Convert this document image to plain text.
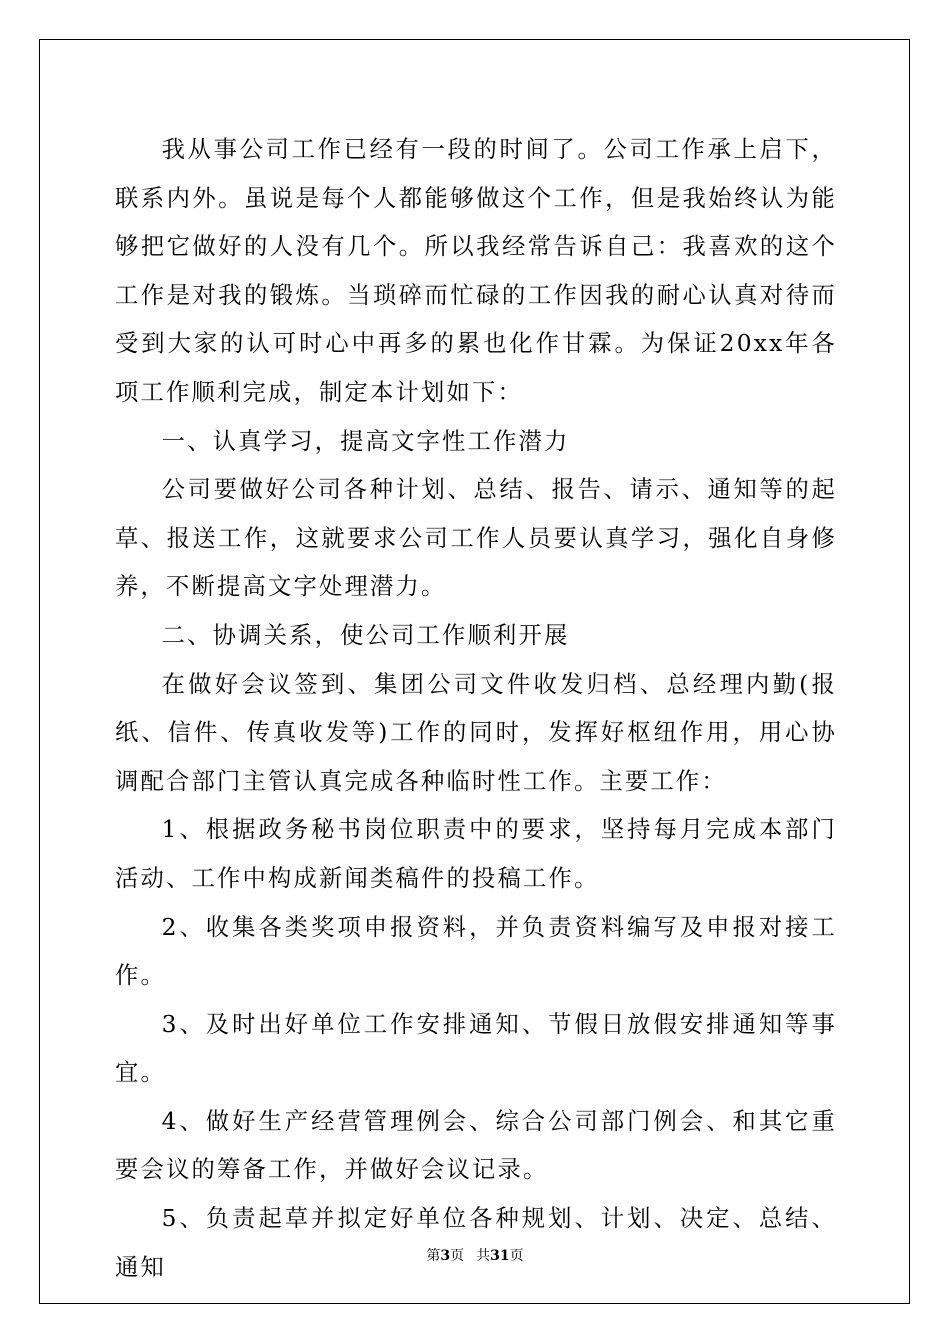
我从事公司工作已经有一段的时间了。公司工作承上启下，联系内外。虽说是每个人都能够做这个工作，但是我始终认为能够把它做好的人没有几个。所以我经常告诉自己：我喜欢的这个工作是对我的锻炼。当琐碎而忙碌的工作因我的耐心认真对待而受到大家的认可时心中再多的累也化作甘霖。为保证20xx年各项工作顺利完成，制定本计划如下：

一、认真学习，提高文字性工作潜力

公司要做好公司各种计划、总结、报告、请示、通知等的起草、报送工作，这就要求公司工作人员要认真学习，强化自身修养，不断提高文字处理潜力。

二、协调关系，使公司工作顺利开展

在做好会议签到、集团公司文件收发归档、总经理内勤(报纸、信件、传真收发等)工作的同时，发挥好枢纽作用，用心协调配合部门主管认真完成各种临时性工作。主要工作：

1、根据政务秘书岗位职责中的要求，坚持每月完成本部门活动、工作中构成新闻类稿件的投稿工作。

2、收集各类奖项申报资料，并负责资料编写及申报对接工作。

3、及时出好单位工作安排通知、节假日放假安排通知等事宜。

4、做好生产经营管理例会、综合公司部门例会、和其它重要会议的筹备工作，并做好会议记录。

5、负责起草并拟定好单位各种规划、计划、决定、总结、通知	第3页 共31页
